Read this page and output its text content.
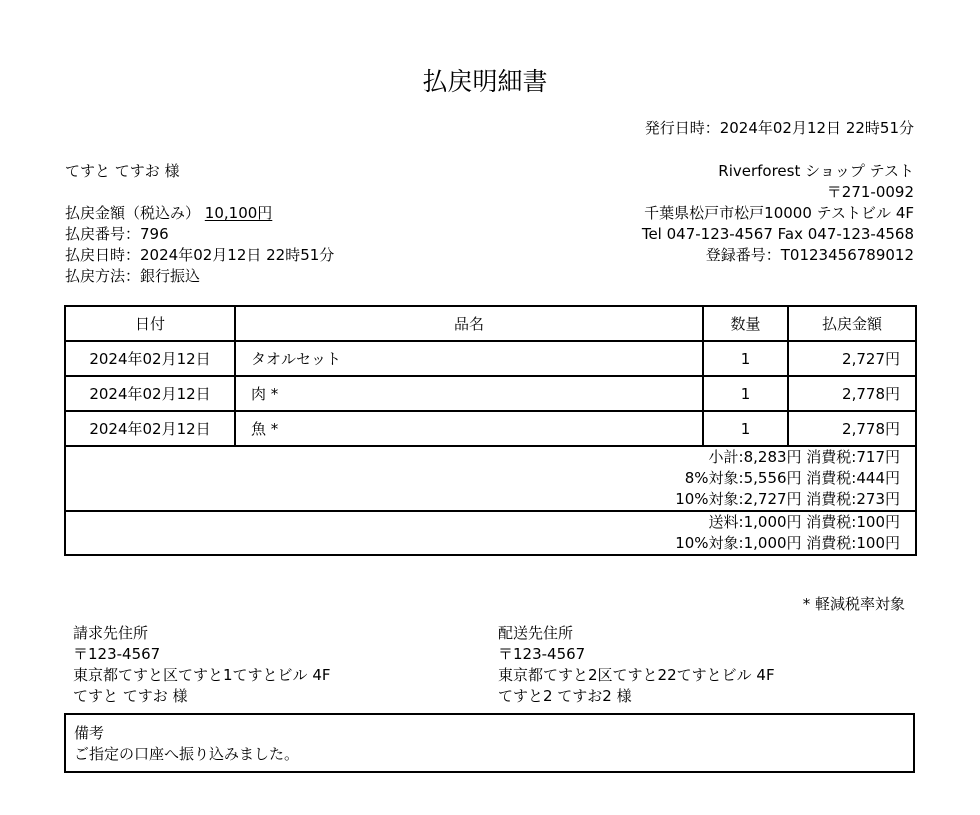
払戻明細書
発行日時：2024年02月12日 22時51分
てすと てすお 様
払戻金額（税込み） 10,100円
払戻番号：796
払戻日時：2024年02月12日 22時51分
払戻方法：銀行振込
Riverforest ショップ テスト
〒271-0092
千葉県松戸市松戸10000 テストビル 4F
Tel 047-123-4567 Fax 047-123-4568
登録番号：T0123456789012
日付	品名	数量	払戻金額
2024年02月12日	タオルセット	1	2,727円
2024年02月12日	肉 *	1	2,778円
2024年02月12日	魚 *	1	2,778円

小計:8,283円 消費税:717円
8%対象:5,556円 消費税:444円
10%対象:2,727円 消費税:273円			

送料:1,000円 消費税:100円
10%対象:1,000円 消費税:100円			
* 軽減税率対象
請求先住所
〒123-4567
東京都てすと区てすと1てすとビル 4F
てすと てすお 様
配送先住所
〒123-4567
東京都てすと2区てすと22てすとビル 4F
てすと2 てすお2 様
備考
ご指定の口座へ振り込みました。
